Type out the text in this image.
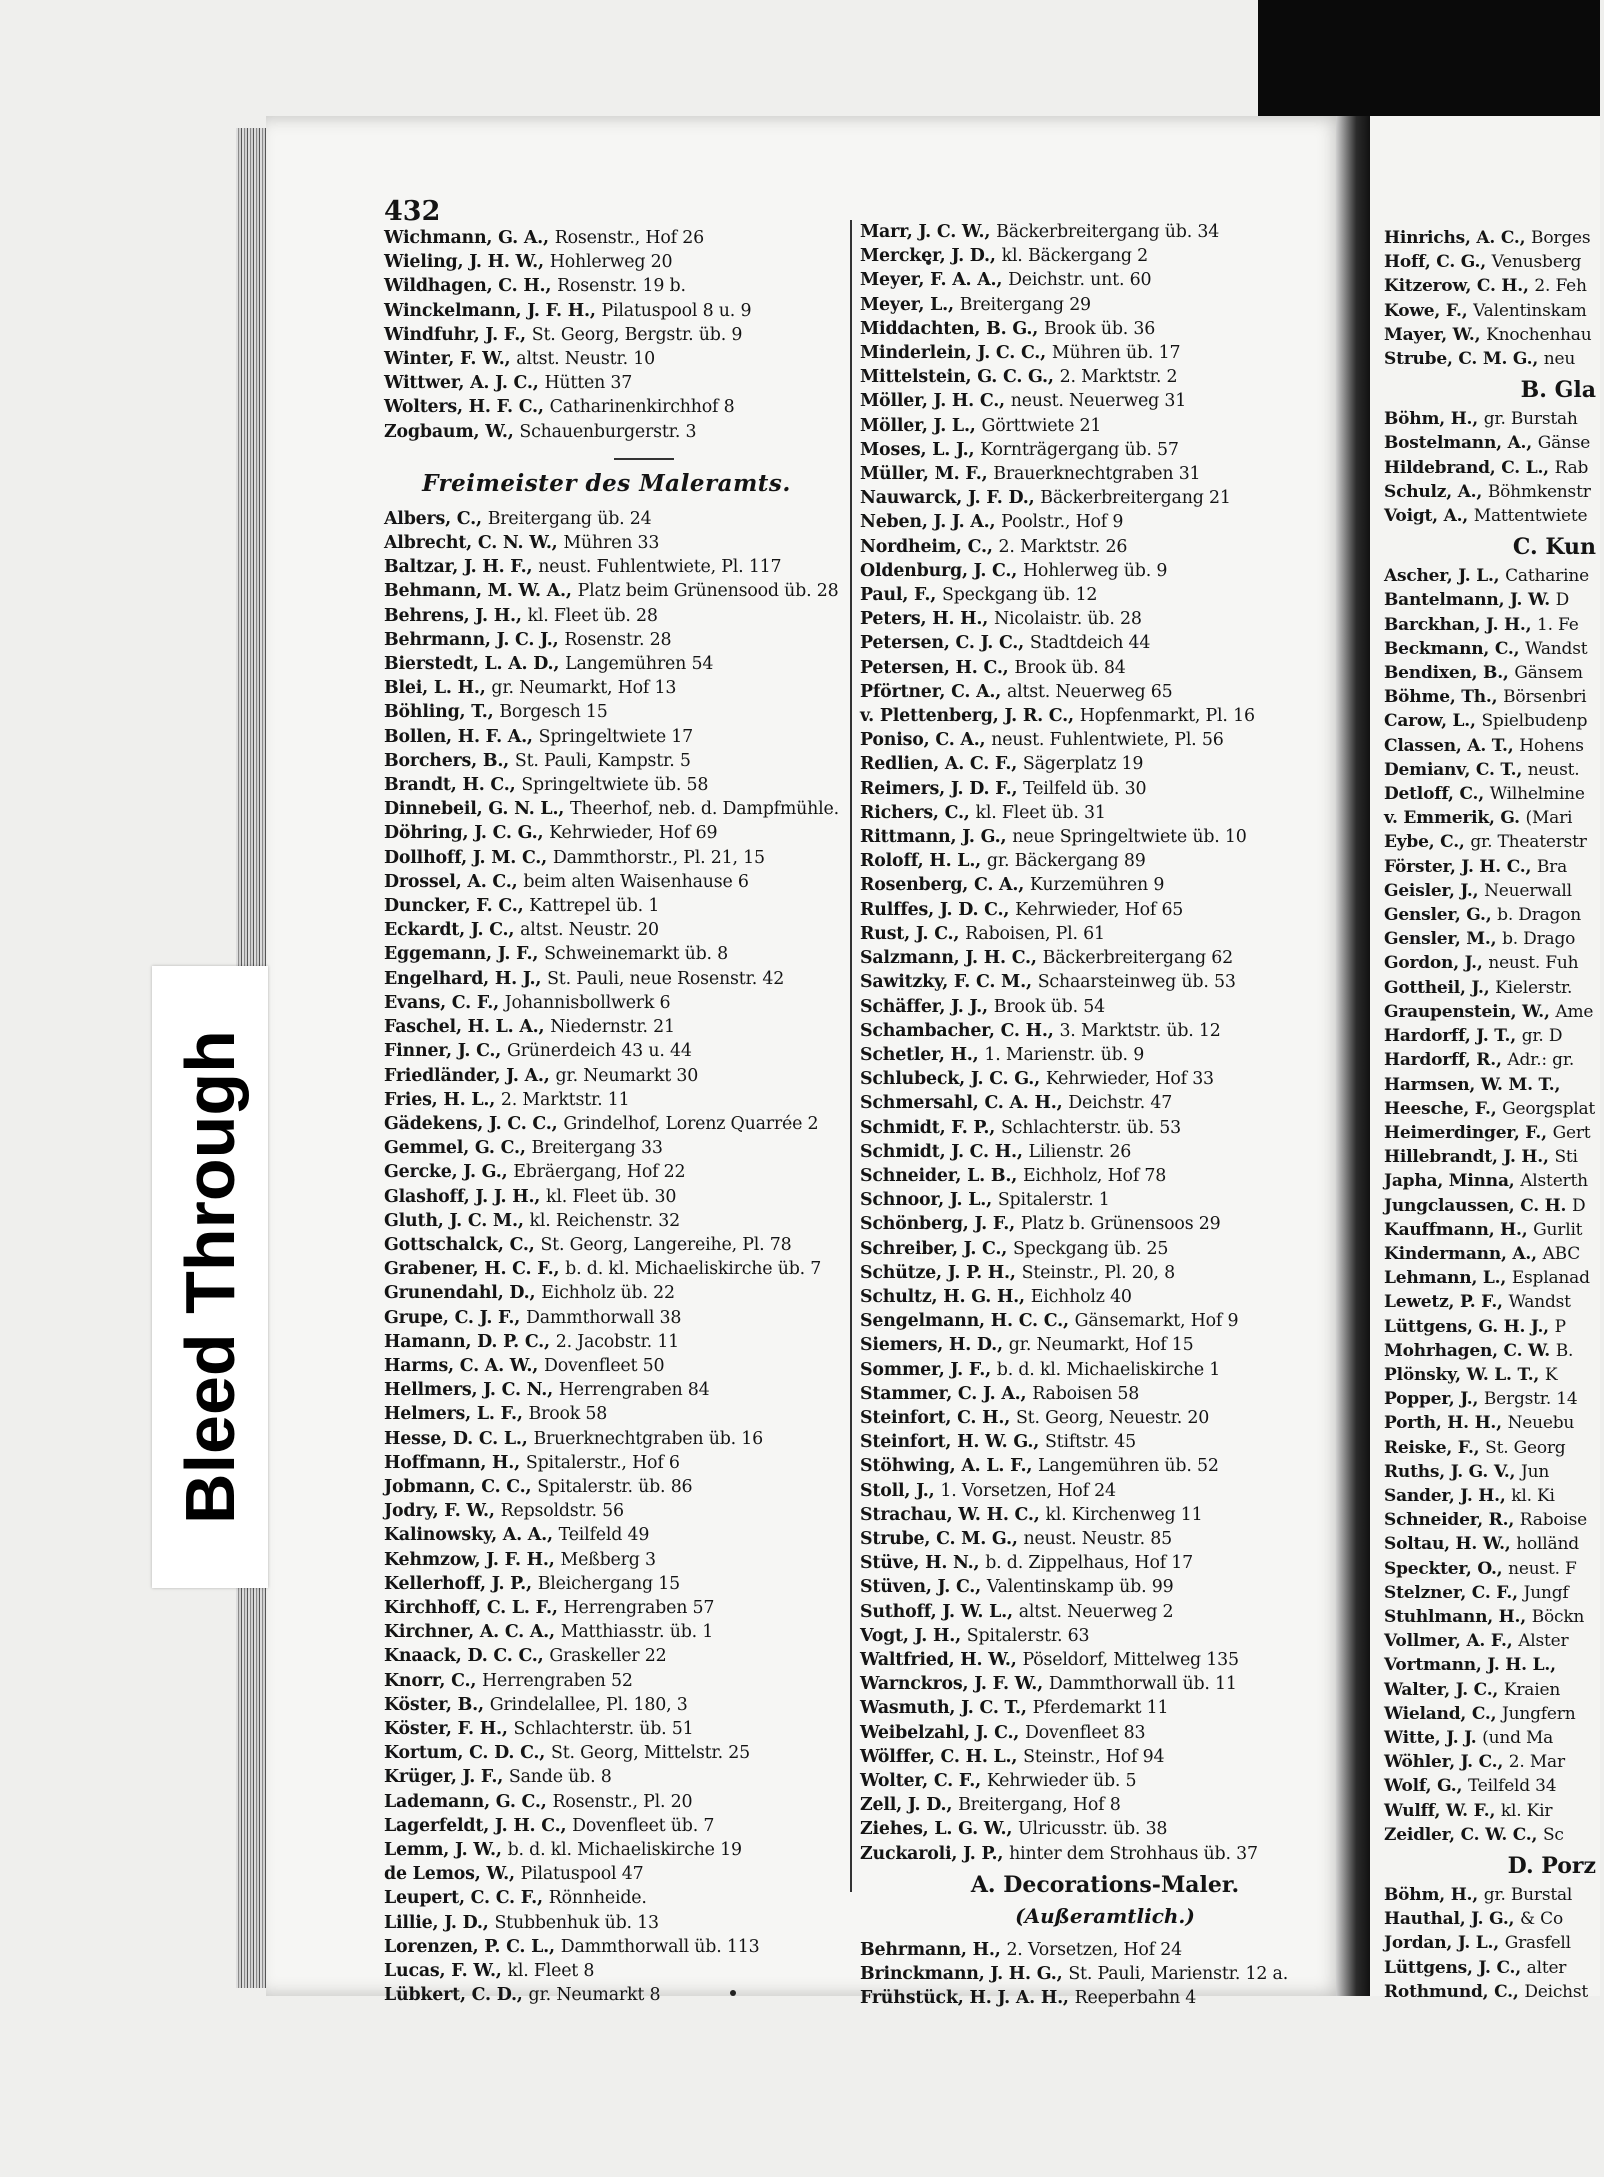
432
Wichmann, G. A., Rosenstr., Hof 26
Wieling, J. H. W., Hohlerweg 20
Wildhagen, C. H., Rosenstr. 19 b.
Winckelmann, J. F. H., Pilatuspool 8 u. 9
Windfuhr, J. F., St. Georg, Bergstr. üb. 9
Winter, F. W., altst. Neustr. 10
Wittwer, A. J. C., Hütten 37
Wolters, H. F. C., Catharinenkirchhof 8
Zogbaum, W., Schauenburgerstr. 3
Freimeister des Maleramts.
Albers, C., Breitergang üb. 24
Albrecht, C. N. W., Mühren 33
Baltzar, J. H. F., neust. Fuhlentwiete, Pl. 117
Behmann, M. W. A., Platz beim Grünensood üb. 28
Behrens, J. H., kl. Fleet üb. 28
Behrmann, J. C. J., Rosenstr. 28
Bierstedt, L. A. D., Langemühren 54
Blei, L. H., gr. Neumarkt, Hof 13
Böhling, T., Borgesch 15
Bollen, H. F. A., Springeltwiete 17
Borchers, B., St. Pauli, Kampstr. 5
Brandt, H. C., Springeltwiete üb. 58
Dinnebeil, G. N. L., Theerhof, neb. d. Dampfmühle.
Döhring, J. C. G., Kehrwieder, Hof 69
Dollhoff, J. M. C., Dammthorstr., Pl. 21, 15
Drossel, A. C., beim alten Waisenhause 6
Duncker, F. C., Kattrepel üb. 1
Eckardt, J. C., altst. Neustr. 20
Eggemann, J. F., Schweinemarkt üb. 8
Engelhard, H. J., St. Pauli, neue Rosenstr. 42
Evans, C. F., Johannisbollwerk 6
Faschel, H. L. A., Niedernstr. 21
Finner, J. C., Grünerdeich 43 u. 44
Friedländer, J. A., gr. Neumarkt 30
Fries, H. L., 2. Marktstr. 11
Gädekens, J. C. C., Grindelhof, Lorenz Quarrée 2
Gemmel, G. C., Breitergang 33
Gercke, J. G., Ebräergang, Hof 22
Glashoff, J. J. H., kl. Fleet üb. 30
Gluth, J. C. M., kl. Reichenstr. 32
Gottschalck, C., St. Georg, Langereihe, Pl. 78
Grabener, H. C. F., b. d. kl. Michaeliskirche üb. 7
Grunendahl, D., Eichholz üb. 22
Grupe, C. J. F., Dammthorwall 38
Hamann, D. P. C., 2. Jacobstr. 11
Harms, C. A. W., Dovenfleet 50
Hellmers, J. C. N., Herrengraben 84
Helmers, L. F., Brook 58
Hesse, D. C. L., Bruerknechtgraben üb. 16
Hoffmann, H., Spitalerstr., Hof 6
Jobmann, C. C., Spitalerstr. üb. 86
Jodry, F. W., Repsoldstr. 56
Kalinowsky, A. A., Teilfeld 49
Kehmzow, J. F. H., Meßberg 3
Kellerhoff, J. P., Bleichergang 15
Kirchhoff, C. L. F., Herrengraben 57
Kirchner, A. C. A., Matthiasstr. üb. 1
Knaack, D. C. C., Graskeller 22
Knorr, C., Herrengraben 52
Köster, B., Grindelallee, Pl. 180, 3
Köster, F. H., Schlachterstr. üb. 51
Kortum, C. D. C., St. Georg, Mittelstr. 25
Krüger, J. F., Sande üb. 8
Lademann, G. C., Rosenstr., Pl. 20
Lagerfeldt, J. H. C., Dovenfleet üb. 7
Lemm, J. W., b. d. kl. Michaeliskirche 19
de Lemos, W., Pilatuspool 47
Leupert, C. C. F., Rönnheide.
Lillie, J. D., Stubbenhuk üb. 13
Lorenzen, P. C. L., Dammthorwall üb. 113
Lucas, F. W., kl. Fleet 8
Lübkert, C. D., gr. Neumarkt 8
Marr, J. C. W., Bäckerbreitergang üb. 34
Mercker, J. D., kl. Bäckergang 2
Meyer, F. A. A., Deichstr. unt. 60
Meyer, L., Breitergang 29
Middachten, B. G., Brook üb. 36
Minderlein, J. C. C., Mühren üb. 17
Mittelstein, G. C. G., 2. Marktstr. 2
Möller, J. H. C., neust. Neuerweg 31
Möller, J. L., Görttwiete 21
Moses, L. J., Kornträgergang üb. 57
Müller, M. F., Brauerknechtgraben 31
Nauwarck, J. F. D., Bäckerbreitergang 21
Neben, J. J. A., Poolstr., Hof 9
Nordheim, C., 2. Marktstr. 26
Oldenburg, J. C., Hohlerweg üb. 9
Paul, F., Speckgang üb. 12
Peters, H. H., Nicolaistr. üb. 28
Petersen, C. J. C., Stadtdeich 44
Petersen, H. C., Brook üb. 84
Pförtner, C. A., altst. Neuerweg 65
v. Plettenberg, J. R. C., Hopfenmarkt, Pl. 16
Poniso, C. A., neust. Fuhlentwiete, Pl. 56
Redlien, A. C. F., Sägerplatz 19
Reimers, J. D. F., Teilfeld üb. 30
Richers, C., kl. Fleet üb. 31
Rittmann, J. G., neue Springeltwiete üb. 10
Roloff, H. L., gr. Bäckergang 89
Rosenberg, C. A., Kurzemühren 9
Rulffes, J. D. C., Kehrwieder, Hof 65
Rust, J. C., Raboisen, Pl. 61
Salzmann, J. H. C., Bäckerbreitergang 62
Sawitzky, F. C. M., Schaarsteinweg üb. 53
Schäffer, J. J., Brook üb. 54
Schambacher, C. H., 3. Marktstr. üb. 12
Schetler, H., 1. Marienstr. üb. 9
Schlubeck, J. C. G., Kehrwieder, Hof 33
Schmersahl, C. A. H., Deichstr. 47
Schmidt, F. P., Schlachterstr. üb. 53
Schmidt, J. C. H., Lilienstr. 26
Schneider, L. B., Eichholz, Hof 78
Schnoor, J. L., Spitalerstr. 1
Schönberg, J. F., Platz b. Grünensoos 29
Schreiber, J. C., Speckgang üb. 25
Schütze, J. P. H., Steinstr., Pl. 20, 8
Schultz, H. G. H., Eichholz 40
Sengelmann, H. C. C., Gänsemarkt, Hof 9
Siemers, H. D., gr. Neumarkt, Hof 15
Sommer, J. F., b. d. kl. Michaeliskirche 1
Stammer, C. J. A., Raboisen 58
Steinfort, C. H., St. Georg, Neuestr. 20
Steinfort, H. W. G., Stiftstr. 45
Stöhwing, A. L. F., Langemühren üb. 52
Stoll, J., 1. Vorsetzen, Hof 24
Strachau, W. H. C., kl. Kirchenweg 11
Strube, C. M. G., neust. Neustr. 85
Stüve, H. N., b. d. Zippelhaus, Hof 17
Stüven, J. C., Valentinskamp üb. 99
Suthoff, J. W. L., altst. Neuerweg 2
Vogt, J. H., Spitalerstr. 63
Waltfried, H. W., Pöseldorf, Mittelweg 135
Warnckros, J. F. W., Dammthorwall üb. 11
Wasmuth, J. C. T., Pferdemarkt 11
Weibelzahl, J. C., Dovenfleet 83
Wölffer, C. H. L., Steinstr., Hof 94
Wolter, C. F., Kehrwieder üb. 5
Zell, J. D., Breitergang, Hof 8
Ziehes, L. G. W., Ulricusstr. üb. 38
Zuckaroli, J. P., hinter dem Strohhaus üb. 37
A. Decorations-Maler.
(Außeramtlich.)
Behrmann, H., 2. Vorsetzen, Hof 24
Brinckmann, J. H. G., St. Pauli, Marienstr. 12 a.
Frühstück, H. J. A. H., Reeperbahn 4
Hinrichs, A. C., Borges
Hoff, C. G., Venusberg
Kitzerow, C. H., 2. Feh
Kowe, F., Valentinskam
Mayer, W., Knochenhau
Strube, C. M. G., neu
B. Gla
Böhm, H., gr. Burstah
Bostelmann, A., Gänse
Hildebrand, C. L., Rab
Schulz, A., Böhmkenstr
Voigt, A., Mattentwiete
C. Kun
Ascher, J. L., Catharine
Bantelmann, J. W. D
Barckhan, J. H., 1. Fe
Beckmann, C., Wandst
Bendixen, B., Gänsem
Böhme, Th., Börsenbri
Carow, L., Spielbudenp
Classen, A. T., Hohens
Demianv, C. T., neust.
Detloff, C., Wilhelmine
v. Emmerik, G. (Mari
Eybe, C., gr. Theaterstr
Förster, J. H. C., Bra
Geisler, J., Neuerwall
Gensler, G., b. Dragon
Gensler, M., b. Drago
Gordon, J., neust. Fuh
Gottheil, J., Kielerstr.
Graupenstein, W., Ame
Hardorff, J. T., gr. D
Hardorff, R., Adr.: gr.
Harmsen, W. M. T.,
Heesche, F., Georgsplat
Heimerdinger, F., Gert
Hillebrandt, J. H., Sti
Japha, Minna, Alsterth
Jungclaussen, C. H. D
Kauffmann, H., Gurlit
Kindermann, A., ABC
Lehmann, L., Esplanad
Lewetz, P. F., Wandst
Lüttgens, G. H. J., P
Mohrhagen, C. W. B.
Plönsky, W. L. T., K
Popper, J., Bergstr. 14
Porth, H. H., Neuebu
Reiske, F., St. Georg
Ruths, J. G. V., Jun
Sander, J. H., kl. Ki
Schneider, R., Raboise
Soltau, H. W., holländ
Speckter, O., neust. F
Stelzner, C. F., Jungf
Stuhlmann, H., Böckn
Vollmer, A. F., Alster
Vortmann, J. H. L.,
Walter, J. C., Kraien
Wieland, C., Jungfern
Witte, J. J. (und Ma
Wöhler, J. C., 2. Mar
Wolf, G., Teilfeld 34
Wulff, W. F., kl. Kir
Zeidler, C. W. C., Sc
D. Porz
Böhm, H., gr. Burstal
Hauthal, J. G., & Co
Jordan, J. L., Grasfell
Lüttgens, J. C., alter
Rothmund, C., Deichst
Bleed Through
